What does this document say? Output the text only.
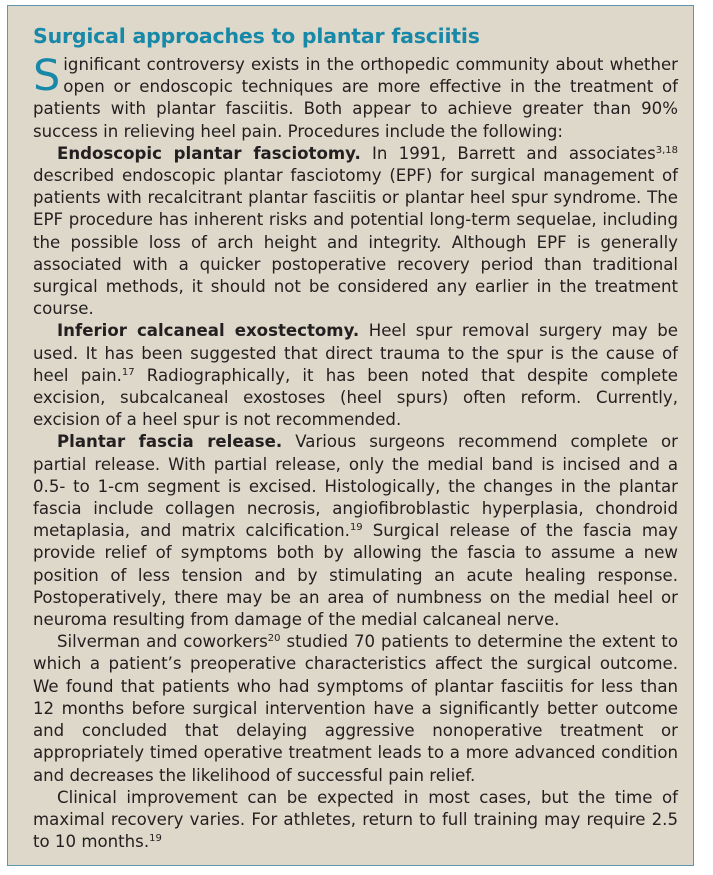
Surgical approaches to plantar fasciitis

Significant controversy exists in the orthopedic community about whether open or endoscopic techniques are more effective in the treatment of patients with plantar fasciitis. Both appear to achieve greater than 90% success in relieving heel pain. Procedures include the following:

Endoscopic plantar fasciotomy. In 1991, Barrett and associates$^{3,18}$ described endoscopic plantar fasciotomy (EPF) for surgical management of patients with recalcitrant plantar fasciitis or plantar heel spur syndrome. The EPF procedure has inherent risks and potential long-term sequelae, including the possible loss of arch height and integrity. Although EPF is generally associated with a quicker postoperative recovery period than traditional surgical methods, it should not be considered any earlier in the treatment course.

Inferior calcaneal exostectomy. Heel spur removal surgery may be used. It has been suggested that direct trauma to the spur is the cause of heel pain.$^{17}$ Radiographically, it has been noted that despite complete excision, subcalcaneal exostoses (heel spurs) often reform. Currently, excision of a heel spur is not recommended.

Plantar fascia release. Various surgeons recommend complete or partial release. With partial release, only the medial band is incised and a 0.5- to 1-cm segment is excised. Histologically, the changes in the plantar fascia include collagen necrosis, angiofibroblastic hyperplasia, chondroid metaplasia, and matrix calcification.$^{19}$ Surgical release of the fascia may provide relief of symptoms both by allowing the fascia to assume a new position of less tension and by stimulating an acute healing response. Postoperatively, there may be an area of numbness on the medial heel or neuroma resulting from damage of the medial calcaneal nerve.

Silverman and coworkers$^{20}$ studied 70 patients to determine the extent to which a patient’s preoperative characteristics affect the surgical outcome. We found that patients who had symptoms of plantar fasciitis for less than 12 months before surgical intervention have a significantly better outcome and concluded that delaying aggressive nonoperative treatment or appropriately timed operative treatment leads to a more advanced condition and decreases the likelihood of successful pain relief.

Clinical improvement can be expected in most cases, but the time of maximal recovery varies. For athletes, return to full training may require 2.5 to 10 months.$^{19}$
